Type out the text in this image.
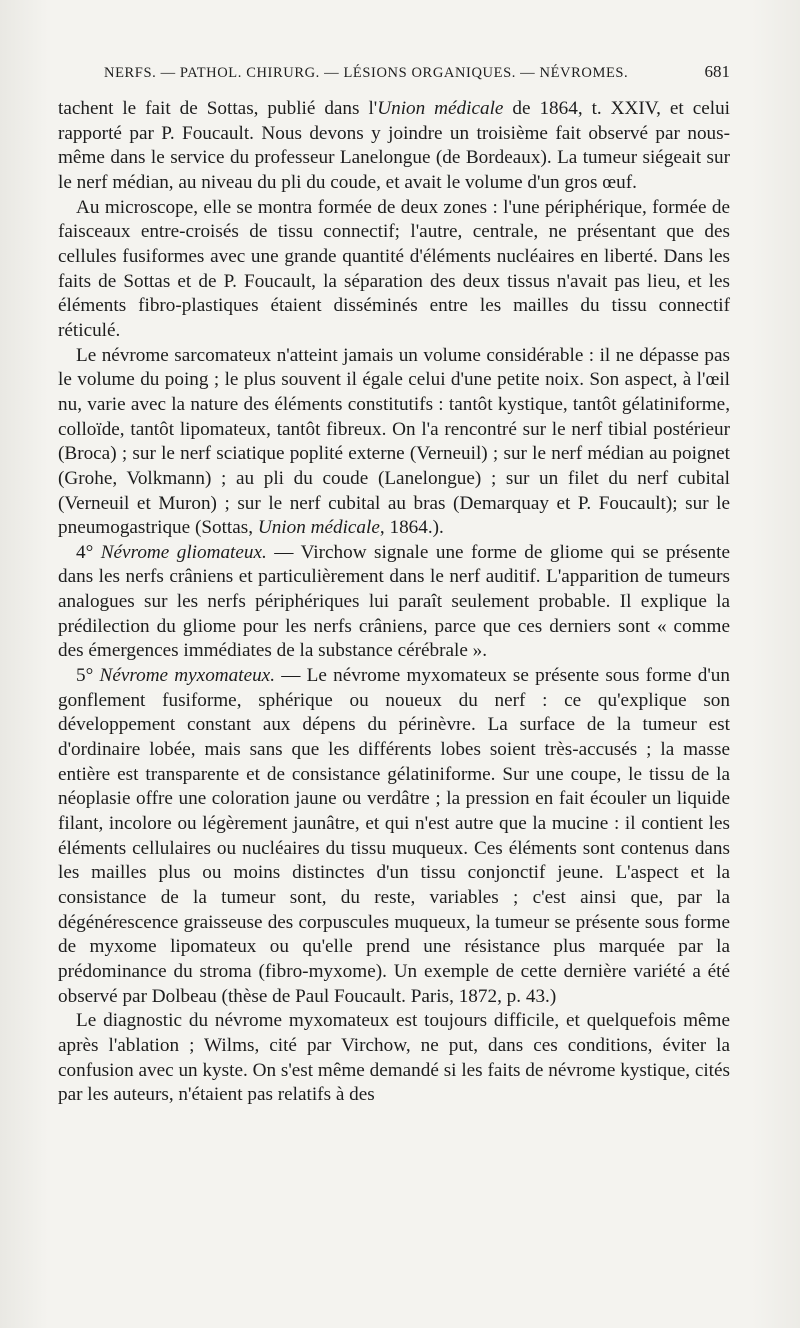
NERFS. — PATHOL. CHIRURG. — LÉSIONS ORGANIQUES. — NÉVROMES.	681

tachent le fait de Sottas, publié dans l'Union médicale de 1864, t. XXIV, et celui rapporté par P. Foucault. Nous devons y joindre un troisième fait observé par nous-même dans le service du professeur Lanelongue (de Bordeaux). La tumeur siégeait sur le nerf médian, au niveau du pli du coude, et avait le volume d'un gros œuf.

Au microscope, elle se montra formée de deux zones : l'une périphérique, formée de faisceaux entre-croisés de tissu connectif; l'autre, centrale, ne présentant que des cellules fusiformes avec une grande quantité d'éléments nucléaires en liberté. Dans les faits de Sottas et de P. Foucault, la séparation des deux tissus n'avait pas lieu, et les éléments fibro-plastiques étaient disséminés entre les mailles du tissu connectif réticulé.

Le névrome sarcomateux n'atteint jamais un volume considérable : il ne dépasse pas le volume du poing ; le plus souvent il égale celui d'une petite noix. Son aspect, à l'œil nu, varie avec la nature des éléments constitutifs : tantôt kystique, tantôt gélatiniforme, colloïde, tantôt lipomateux, tantôt fibreux. On l'a rencontré sur le nerf tibial postérieur (Broca) ; sur le nerf sciatique poplité externe (Verneuil) ; sur le nerf médian au poignet (Grohe, Volkmann) ; au pli du coude (Lanelongue) ; sur un filet du nerf cubital (Verneuil et Muron) ; sur le nerf cubital au bras (Demarquay et P. Foucault); sur le pneumogastrique (Sottas, Union médicale, 1864.).

4° Névrome gliomateux. — Virchow signale une forme de gliome qui se présente dans les nerfs crâniens et particulièrement dans le nerf auditif. L'apparition de tumeurs analogues sur les nerfs périphériques lui paraît seulement probable. Il explique la prédilection du gliome pour les nerfs crâniens, parce que ces derniers sont « comme des émergences immédiates de la substance cérébrale ».

5° Névrome myxomateux. — Le névrome myxomateux se présente sous forme d'un gonflement fusiforme, sphérique ou noueux du nerf : ce qu'explique son développement constant aux dépens du périnèvre. La surface de la tumeur est d'ordinaire lobée, mais sans que les différents lobes soient très-accusés ; la masse entière est transparente et de consistance gélatiniforme. Sur une coupe, le tissu de la néoplasie offre une coloration jaune ou verdâtre ; la pression en fait écouler un liquide filant, incolore ou légèrement jaunâtre, et qui n'est autre que la mucine : il contient les éléments cellulaires ou nucléaires du tissu muqueux. Ces éléments sont contenus dans les mailles plus ou moins distinctes d'un tissu conjonctif jeune. L'aspect et la consistance de la tumeur sont, du reste, variables ; c'est ainsi que, par la dégénérescence graisseuse des corpuscules muqueux, la tumeur se présente sous forme de myxome lipomateux ou qu'elle prend une résistance plus marquée par la prédominance du stroma (fibro-myxome). Un exemple de cette dernière variété a été observé par Dolbeau (thèse de Paul Foucault. Paris, 1872, p. 43.)

Le diagnostic du névrome myxomateux est toujours difficile, et quelquefois même après l'ablation ; Wilms, cité par Virchow, ne put, dans ces conditions, éviter la confusion avec un kyste. On s'est même demandé si les faits de névrome kystique, cités par les auteurs, n'étaient pas relatifs à des
